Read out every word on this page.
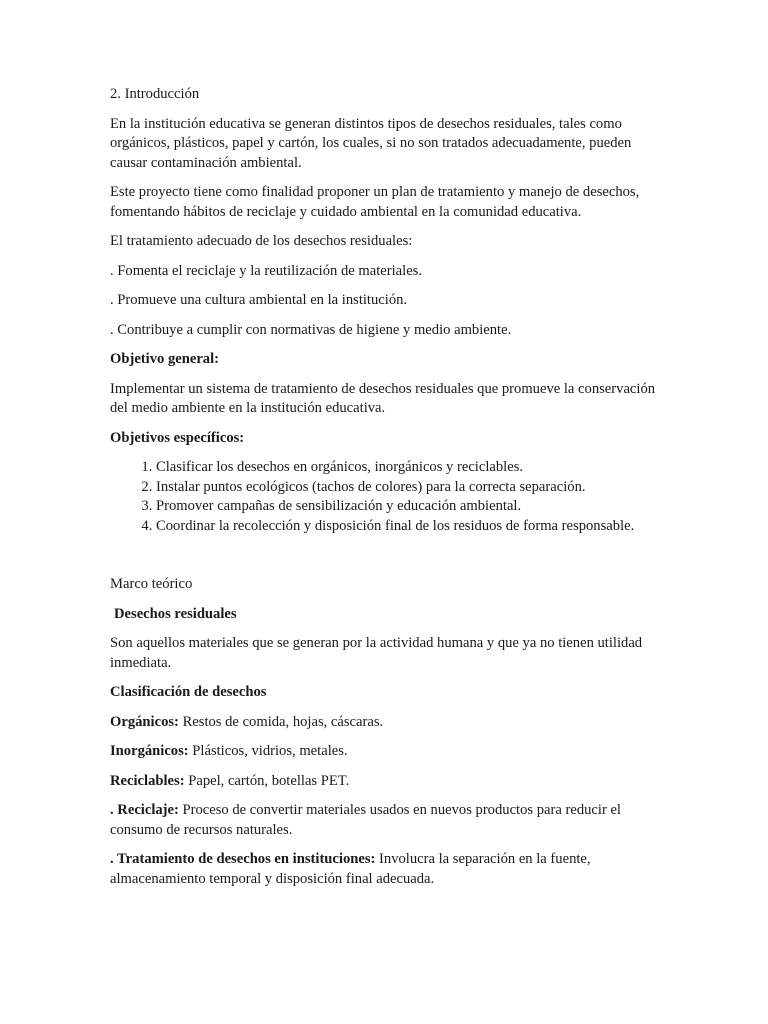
2. Introducción

En la institución educativa se generan distintos tipos de desechos residuales, tales como orgánicos, plásticos, papel y cartón, los cuales, si no son tratados adecuadamente, pueden causar contaminación ambiental.

Este proyecto tiene como finalidad proponer un plan de tratamiento y manejo de desechos, fomentando hábitos de reciclaje y cuidado ambiental en la comunidad educativa.

El tratamiento adecuado de los desechos residuales:

. Fomenta el reciclaje y la reutilización de materiales.

. Promueve una cultura ambiental en la institución.

. Contribuye a cumplir con normativas de higiene y medio ambiente.

Objetivo general:

Implementar un sistema de tratamiento de desechos residuales que promueve la conservación del medio ambiente en la institución educativa.

Objetivos específicos:

1. Clasificar los desechos en orgánicos, inorgánicos y reciclables.
2. Instalar puntos ecológicos (tachos de colores) para la correcta separación.
3. Promover campañas de sensibilización y educación ambiental.
4. Coordinar la recolección y disposición final de los residuos de forma responsable.

Marco teórico

Desechos residuales

Son aquellos materiales que se generan por la actividad humana y que ya no tienen utilidad inmediata.

Clasificación de desechos

Orgánicos: Restos de comida, hojas, cáscaras.

Inorgánicos: Plásticos, vidrios, metales.

Reciclables: Papel, cartón, botellas PET.

. Reciclaje: Proceso de convertir materiales usados en nuevos productos para reducir el consumo de recursos naturales.

. Tratamiento de desechos en instituciones: Involucra la separación en la fuente, almacenamiento temporal y disposición final adecuada.
